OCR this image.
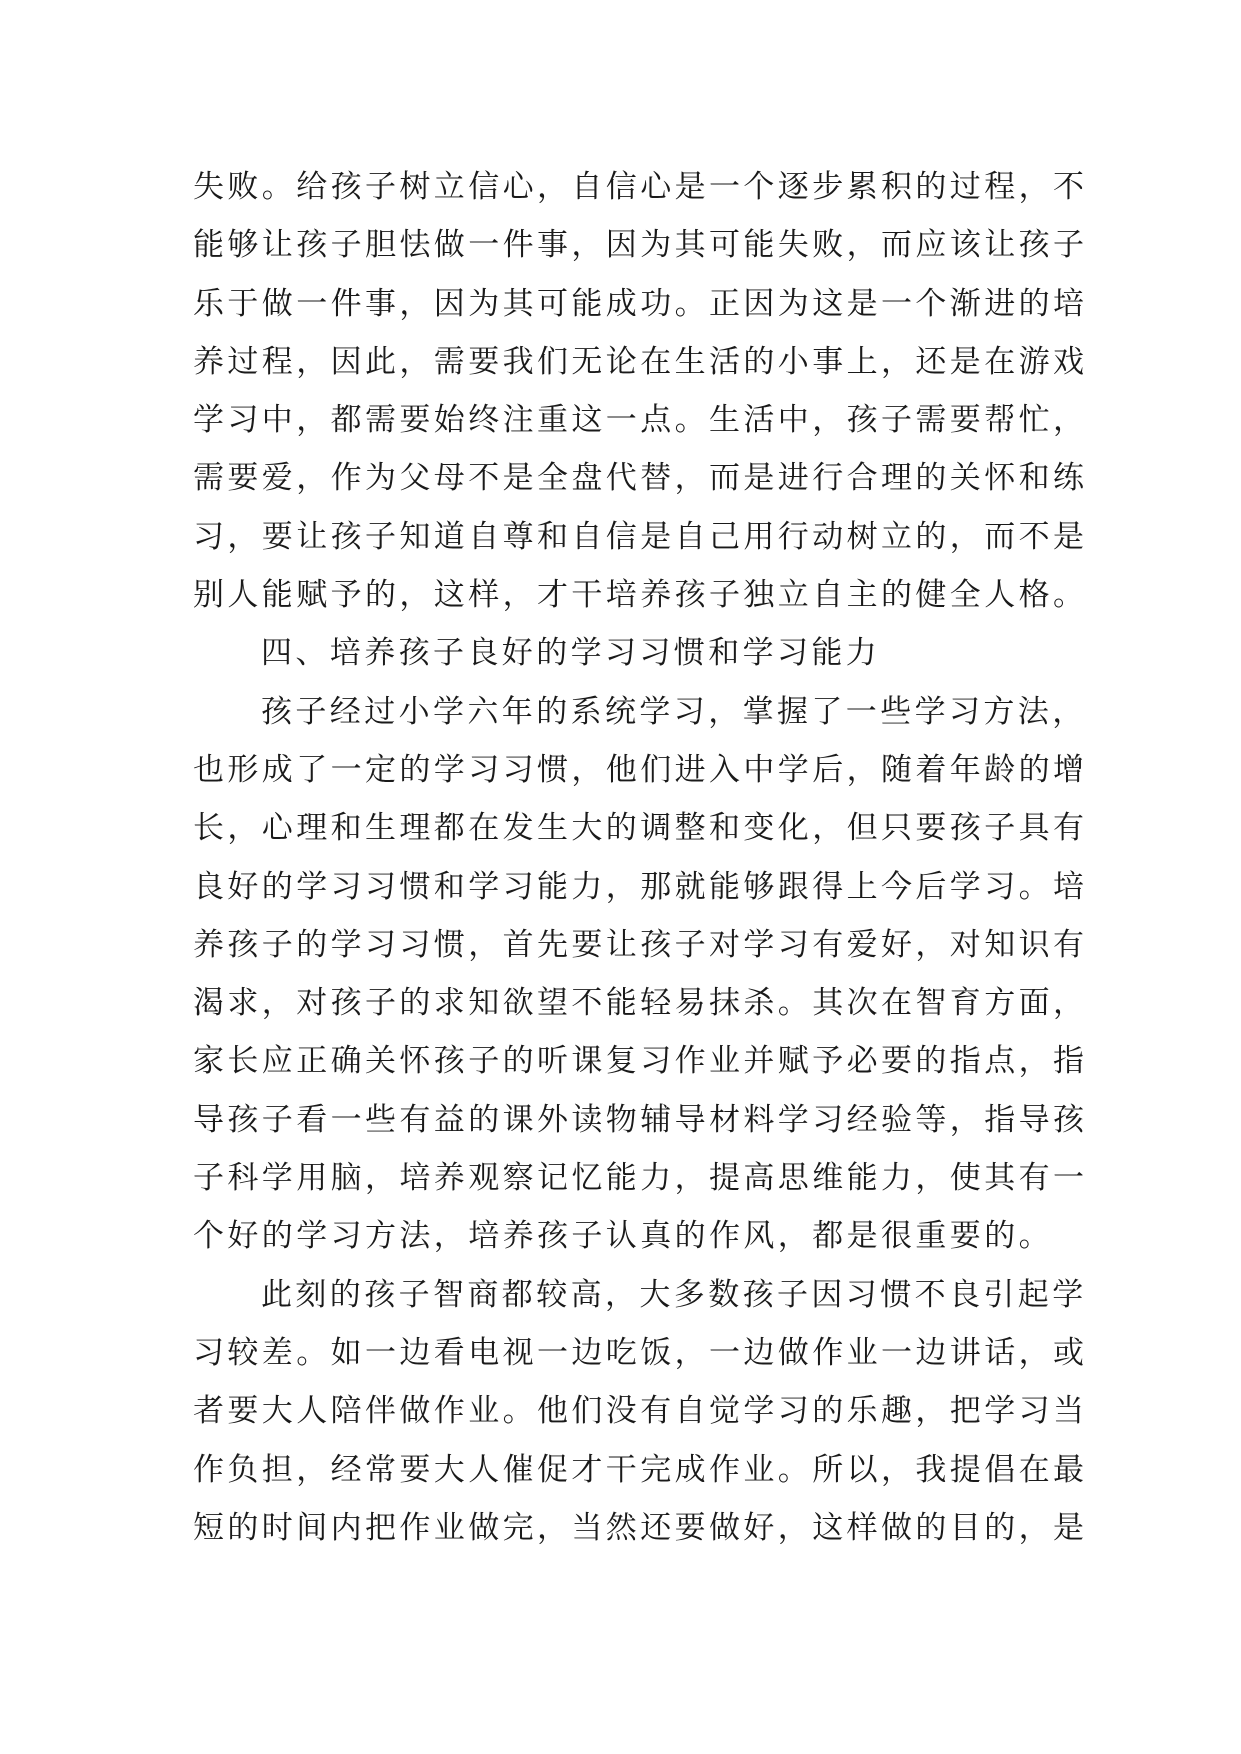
失败。给孩子树立信心，自信心是一个逐步累积的过程，不
能够让孩子胆怯做一件事，因为其可能失败，而应该让孩子
乐于做一件事，因为其可能成功。正因为这是一个渐进的培
养过程，因此，需要我们无论在生活的小事上，还是在游戏
学习中，都需要始终注重这一点。生活中，孩子需要帮忙，
需要爱，作为父母不是全盘代替，而是进行合理的关怀和练
习，要让孩子知道自尊和自信是自己用行动树立的，而不是
别人能赋予的，这样，才干培养孩子独立自主的健全人格。
四、培养孩子良好的学习习惯和学习能力
孩子经过小学六年的系统学习，掌握了一些学习方法，
也形成了一定的学习习惯，他们进入中学后，随着年龄的增
长，心理和生理都在发生大的调整和变化，但只要孩子具有
良好的学习习惯和学习能力，那就能够跟得上今后学习。培
养孩子的学习习惯，首先要让孩子对学习有爱好，对知识有
渴求，对孩子的求知欲望不能轻易抹杀。其次在智育方面，
家长应正确关怀孩子的听课复习作业并赋予必要的指点，指
导孩子看一些有益的课外读物辅导材料学习经验等，指导孩
子科学用脑，培养观察记忆能力，提高思维能力，使其有一
个好的学习方法，培养孩子认真的作风，都是很重要的。
此刻的孩子智商都较高，大多数孩子因习惯不良引起学
习较差。如一边看电视一边吃饭，一边做作业一边讲话，或
者要大人陪伴做作业。他们没有自觉学习的乐趣，把学习当
作负担，经常要大人催促才干完成作业。所以，我提倡在最
短的时间内把作业做完，当然还要做好，这样做的目的，是
